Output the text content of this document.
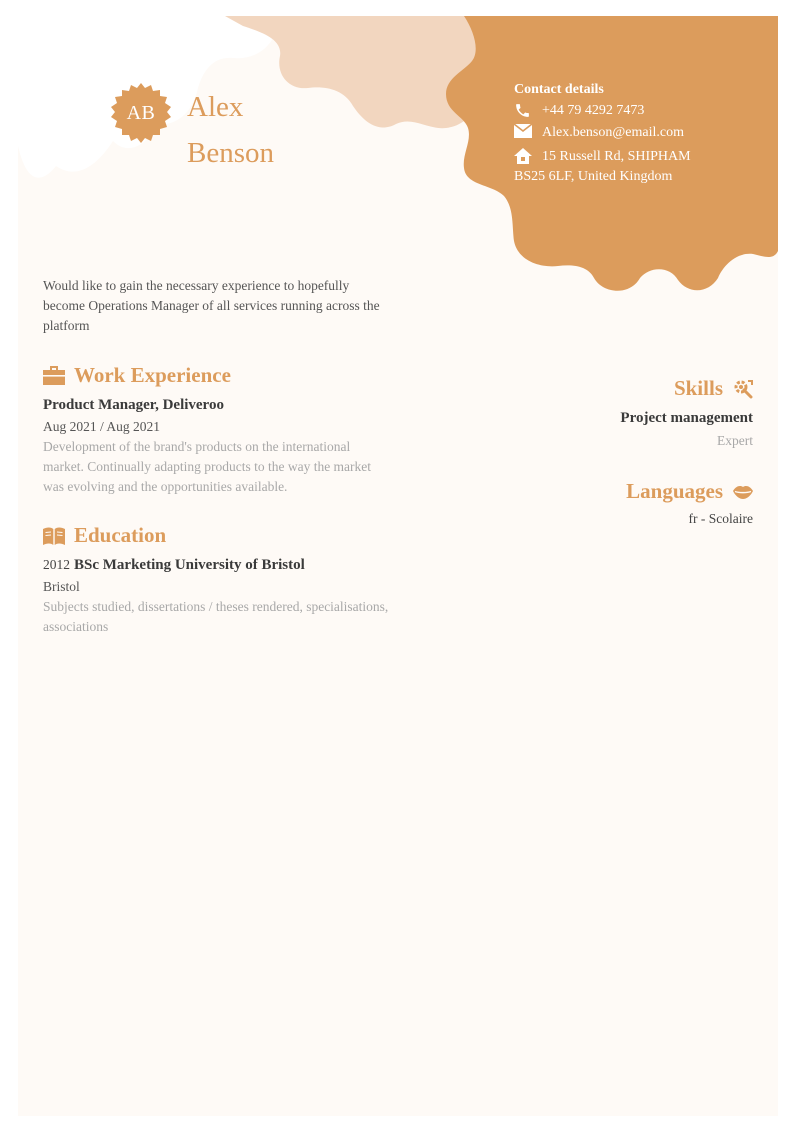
AB	Alex
Benson
Contact details
+44 79 4292 7473
Alex.benson@email.com
15 Russell Rd, SHIPHAM
BS25 6LF, United Kingdom
Would like to gain the necessary experience to hopefully become Operations Manager of all services running across the platform
Work Experience
Product Manager, Deliveroo
Aug 2021 / Aug 2021
Development of the brand's products on the international market. Continually adapting products to the way the market was evolving and the opportunities available.
Education
2012 BSc Marketing University of Bristol
Bristol
Subjects studied, dissertations / theses rendered, specialisations, associations
Skills
Project management
Expert
Languages
fr - Scolaire
